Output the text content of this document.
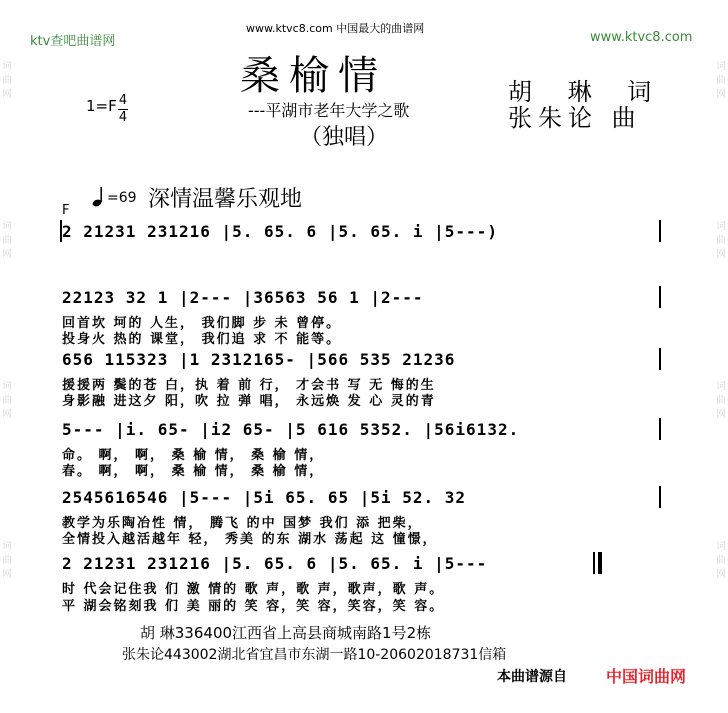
词
曲
网
词
曲
网
词
曲
网
词
曲
网
词
曲
网
词
曲
网
词
曲
网
词
曲
网
ktv查吧曲谱网
www.ktvc8.com 中国最大的曲谱网
www.ktvc8.com
桑榆情
---平湖市老年大学之歌
胡 琳 词
张朱论 曲
1=F 4
4
（独唱）
=69 深情温馨乐观地
F
2 21231 231216 |5. 65. 6 |5. 65. i |5---)
22123 32 1 |2--- |36563 56 1 |2---
回首坎 坷的 人生， 我们脚 步 未 曾停。
投身火 热的 课堂， 我们追 求 不 能等。
656 115323 |1 2312165- |566 535 21236
援援两 鬓的苍 白，执 着 前 行， 才会书 写 无 悔的生
身影融 进这夕 阳，吹 拉 弹 唱， 永远焕 发 心 灵的青
5--- |i. 65- |i2 65- |5 616 5352. |56i6132.
命。 啊， 啊， 桑 榆 情， 桑 榆 情，
春。 啊， 啊， 桑 榆 情， 桑 榆 情，
2545616546 |5--- |5i 65. 65 |5i 52. 32
教学为乐陶冶性 情， 腾飞 的中 国梦 我们 添 把柴，
全情投入越活越年 轻， 秀美 的东 湖水 荡起 这 憧憬，
2 21231 231216 |5. 65. 6 |5. 65. i |5---
时 代会记住我 们 激 情的 歌 声，歌 声，歌声，歌 声。
平 湖会铭刻我 们 美 丽的 笑 容，笑 容，笑容，笑 容。
胡 琳336400江西省上高县商城南路1号2栋
张朱论443002湖北省宜昌市东湖一路10-20602018731信箱
本曲谱源自 中国词曲网
